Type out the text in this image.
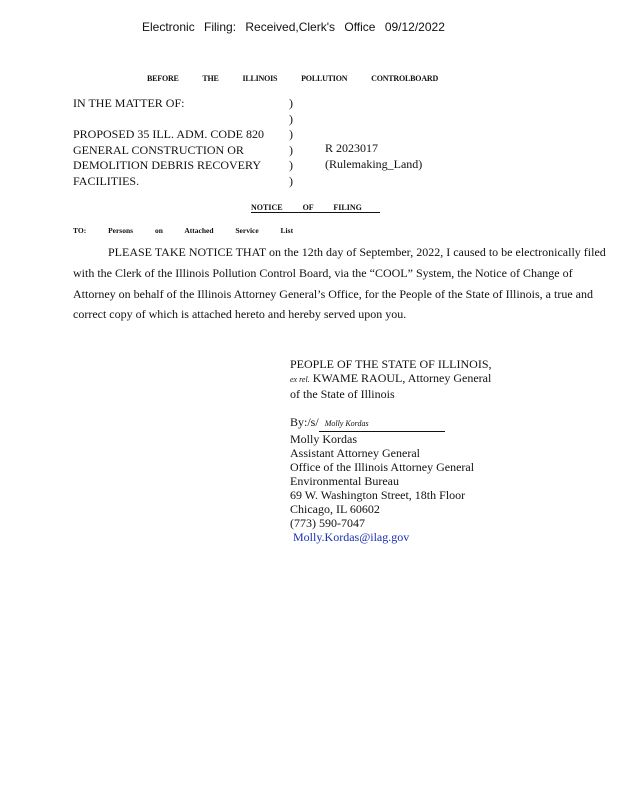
Electronic Filing: Received,Clerk's Office 09/12/2022
BEFORE THE ILLINOIS POLLUTION CONTROLBOARD
IN THE MATTER OF:

PROPOSED 35 ILL. ADM. CODE 820
GENERAL CONSTRUCTION OR
DEMOLITION DEBRIS RECOVERY
FACILITIES.
)
)
)
)
)
)
R 2023017
(Rulemaking_Land)
NOTICE OF FILING
TO: Persons on Attached Service List
PLEASE TAKE NOTICE THAT on the 12th day of September, 2022, I caused to be electronically filed with the Clerk of the Illinois Pollution Control Board, via the “COOL” System, the Notice of Change of Attorney on behalf of the Illinois Attorney General’s Office, for the People of the State of Illinois, a true and correct copy of which is attached hereto and hereby served upon you.
PEOPLE OF THE STATE OF ILLINOIS,
ex rel. KWAME RAOUL, Attorney General
of the State of Illinois
By:/s/ Molly Kordas
Molly Kordas
Assistant Attorney General
Office of the Illinois Attorney General
Environmental Bureau
69 W. Washington Street, 18th Floor
Chicago, IL 60602
(773) 590-7047
Molly.Kordas@ilag.gov
